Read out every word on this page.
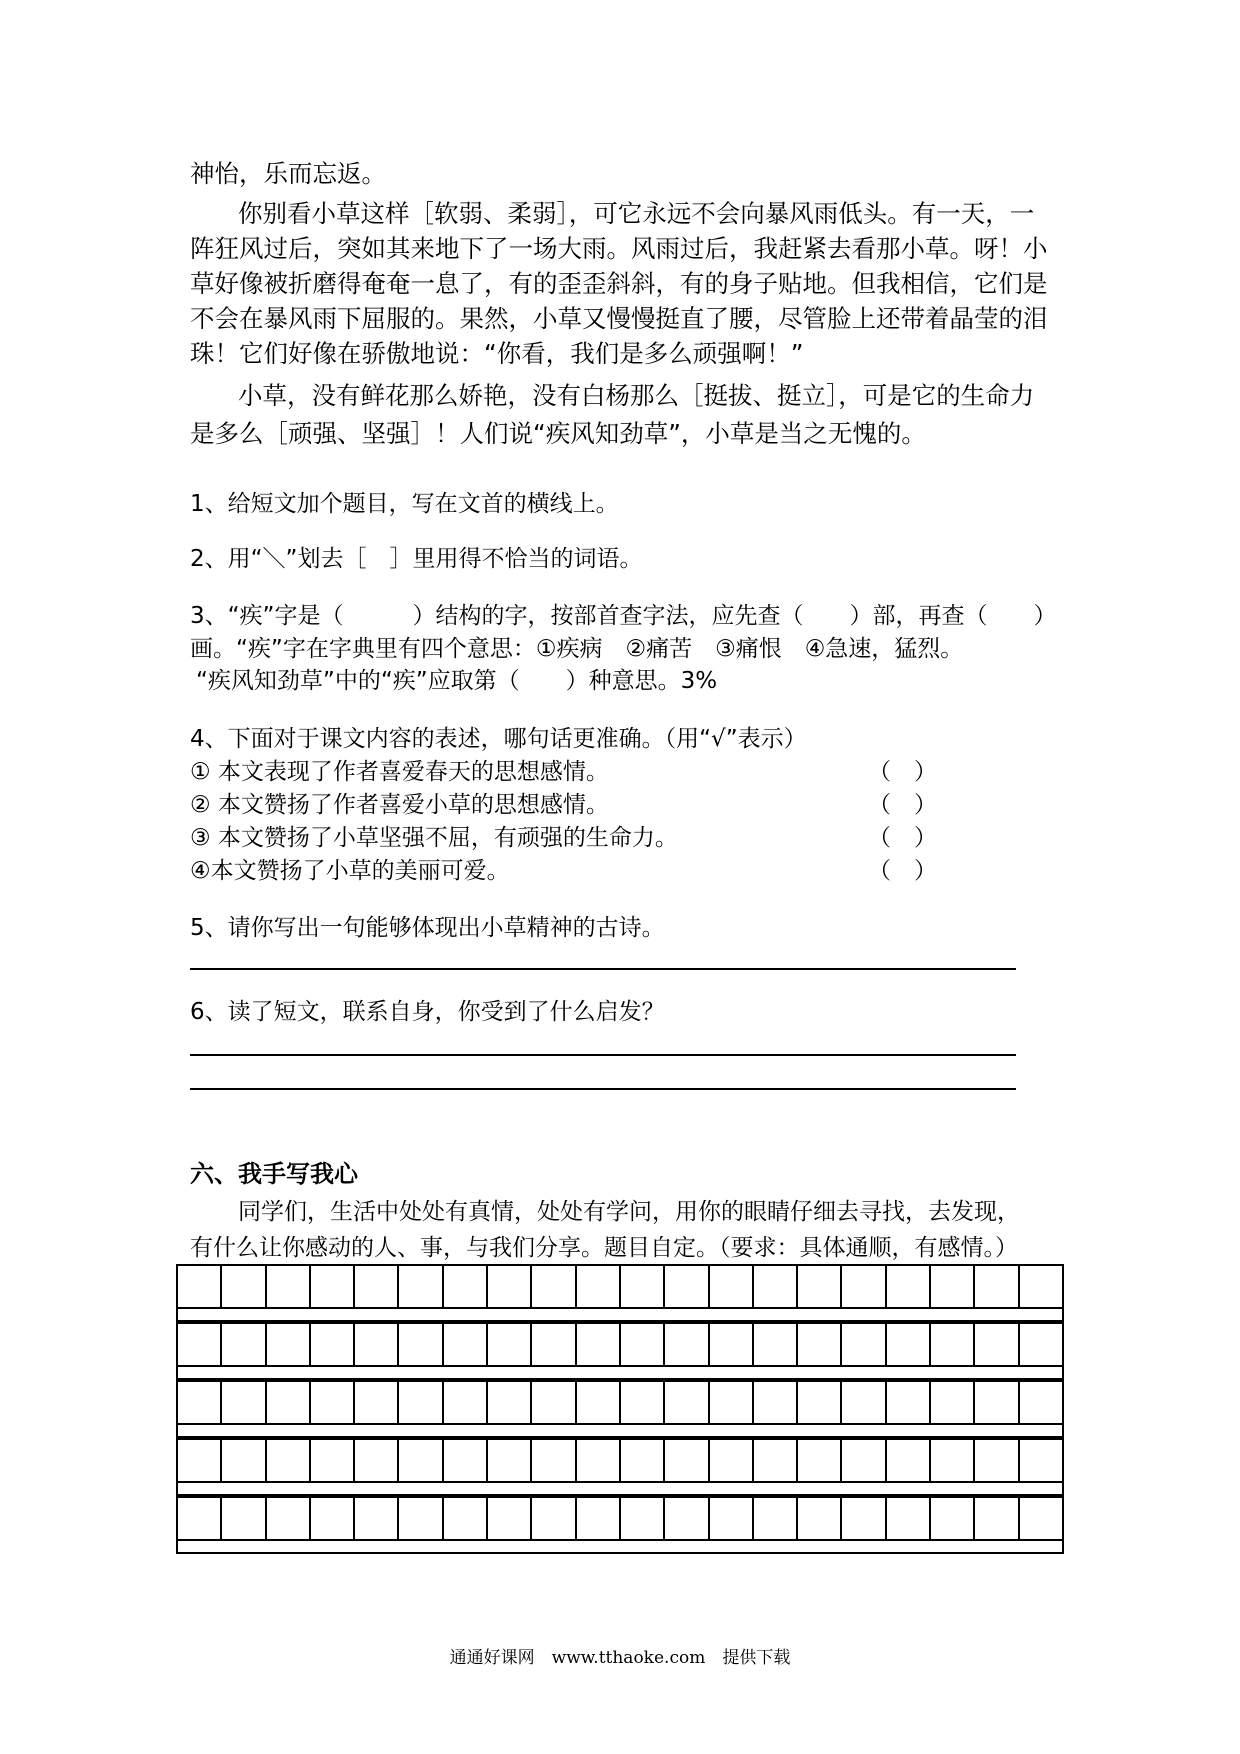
神怡，乐而忘返。
你别看小草这样［软弱、柔弱］，可它永远不会向暴风雨低头。有一天，一
阵狂风过后，突如其来地下了一场大雨。风雨过后，我赶紧去看那小草。呀！小
草好像被折磨得奄奄一息了，有的歪歪斜斜，有的身子贴地。但我相信，它们是
不会在暴风雨下屈服的。果然，小草又慢慢挺直了腰，尽管脸上还带着晶莹的泪
珠！它们好像在骄傲地说：“你看，我们是多么顽强啊！”
小草，没有鲜花那么娇艳，没有白杨那么［挺拔、挺立］，可是它的生命力
是多么［顽强、坚强］！人们说“疾风知劲草”，小草是当之无愧的。
1、给短文加个题目，写在文首的横线上。
2、用“＼”划去［　］里用得不恰当的词语。
3、“疾”字是（　　　）结构的字，按部首查字法，应先查（　　）部，再查（　　）
画。“疾”字在字典里有四个意思：①疾病　②痛苦　③痛恨　④急速，猛烈。
“疾风知劲草”中的“疾”应取第（　　）种意思。3%
4、下面对于课文内容的表述，哪句话更准确。（用“√”表示）
① 本文表现了作者喜爱春天的思想感情。	（　）
② 本文赞扬了作者喜爱小草的思想感情。	（　）
③ 本文赞扬了小草坚强不屈，有顽强的生命力。	（　）
④本文赞扬了小草的美丽可爱。	（　）
5、请你写出一句能够体现出小草精神的古诗。
6、读了短文，联系自身，你受到了什么启发？
六、我手写我心
同学们，生活中处处有真情，处处有学问，用你的眼睛仔细去寻找，去发现，
有什么让你感动的人、事，与我们分享。题目自定。（要求：具体通顺，有感情。）
通通好课网　www.tthaoke.com　提供下载
